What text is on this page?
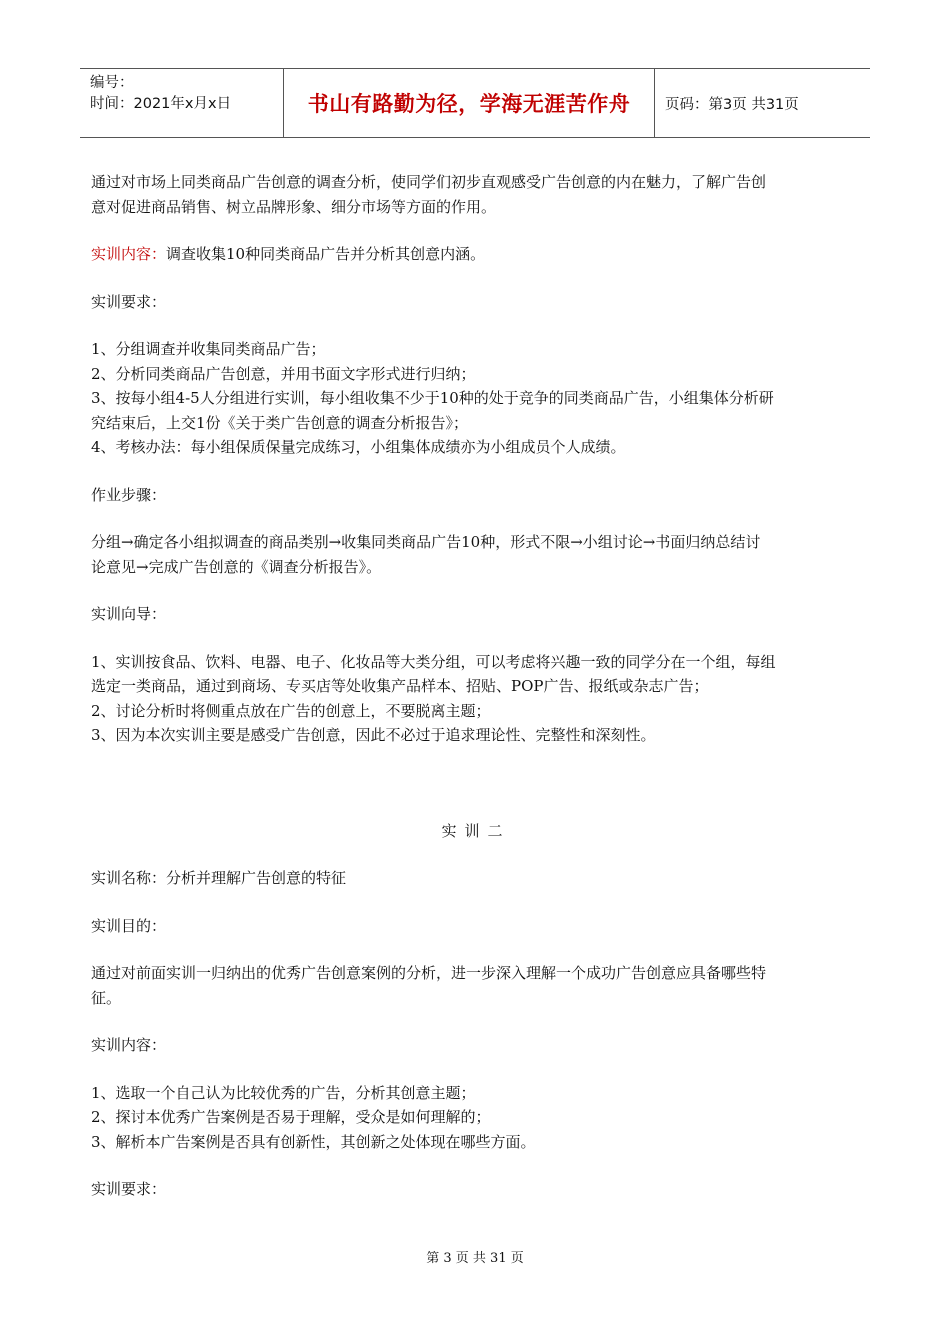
编号：
时间：2021年x月x日	书山有路勤为径，学海无涯苦作舟	页码：第3页 共31页

通过对市场上同类商品广告创意的调查分析，使同学们初步直观感受广告创意的内在魅力，了解广告创

意对促进商品销售、树立品牌形象、细分市场等方面的作用。

实训内容：调查收集10种同类商品广告并分析其创意内涵。

实训要求：

1、分组调查并收集同类商品广告；

2、分析同类商品广告创意，并用书面文字形式进行归纳；

3、按每小组4-5人分组进行实训，每小组收集不少于10种的处于竞争的同类商品广告，小组集体分析研

究结束后，上交1份《关于类广告创意的调查分析报告》；

4、考核办法：每小组保质保量完成练习，小组集体成绩亦为小组成员个人成绩。

作业步骤：

分组→确定各小组拟调查的商品类别→收集同类商品广告10种，形式不限→小组讨论→书面归纳总结讨

论意见→完成广告创意的《调查分析报告》。

实训向导：

1、实训按食品、饮料、电器、电子、化妆品等大类分组，可以考虑将兴趣一致的同学分在一个组，每组

选定一类商品，通过到商场、专买店等处收集产品样本、招贴、POP广告、报纸或杂志广告；

2、讨论分析时将侧重点放在广告的创意上，不要脱离主题；

3、因为本次实训主要是感受广告创意，因此不必过于追求理论性、完整性和深刻性。

实训二

实训名称：分析并理解广告创意的特征

实训目的：

通过对前面实训一归纳出的优秀广告创意案例的分析，进一步深入理解一个成功广告创意应具备哪些特

征。

实训内容：

1、选取一个自己认为比较优秀的广告，分析其创意主题；

2、探讨本优秀广告案例是否易于理解，受众是如何理解的；

3、解析本广告案例是否具有创新性，其创新之处体现在哪些方面。

实训要求：

第 3 页 共 31 页
